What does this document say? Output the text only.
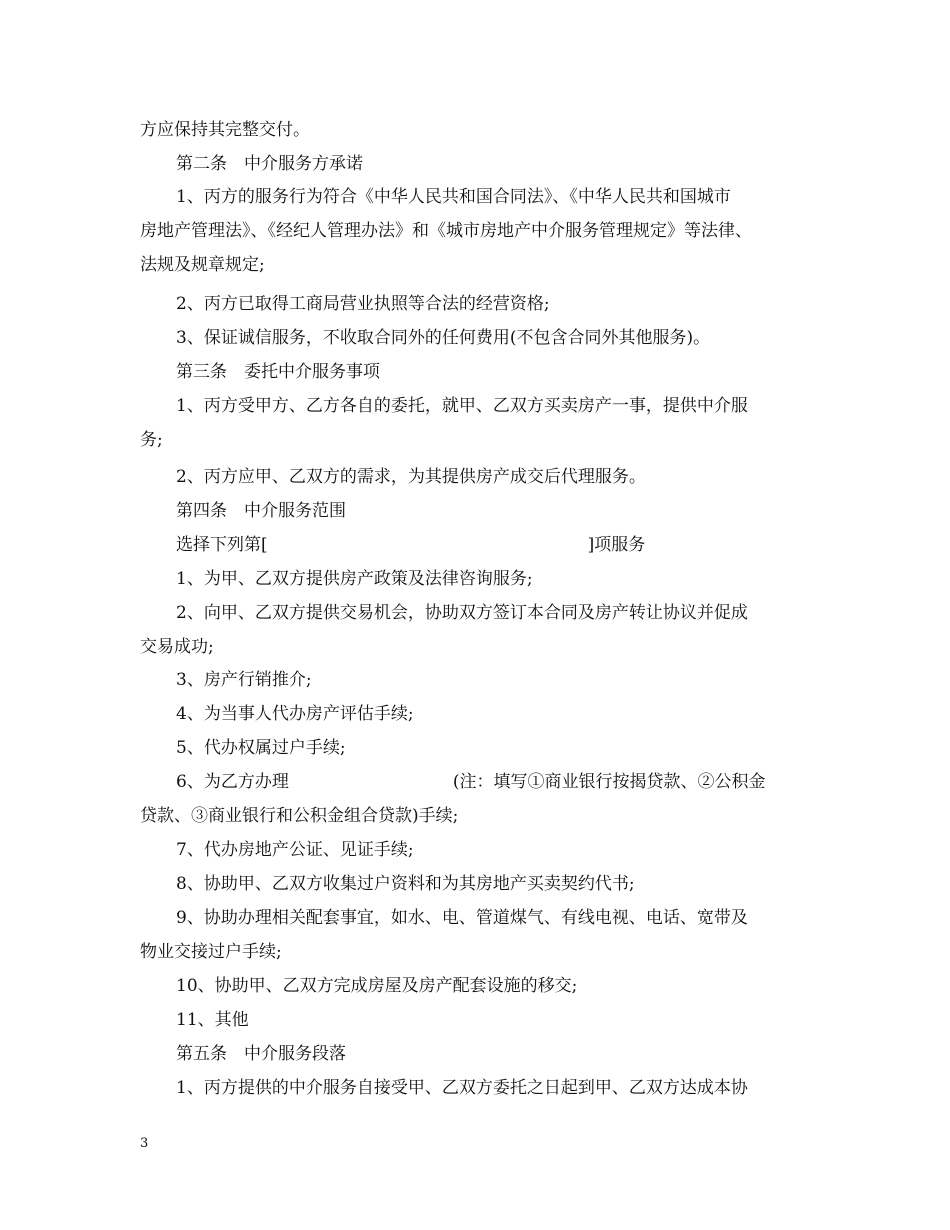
方应保持其完整交付。
第二条　中介服务方承诺
1、丙方的服务行为符合《中华人民共和国合同法》、《中华人民共和国城市
房地产管理法》、《经纪人管理办法》和《城市房地产中介服务管理规定》等法律、
法规及规章规定;
2、丙方已取得工商局营业执照等合法的经营资格;
3、保证诚信服务，不收取合同外的任何费用(不包含合同外其他服务)。
第三条　委托中介服务事项
1、丙方受甲方、乙方各自的委托，就甲、乙双方买卖房产一事，提供中介服
务;
2、丙方应甲、乙双方的需求，为其提供房产成交后代理服务。
第四条　中介服务范围
选择下列第[	]项服务
1、为甲、乙双方提供房产政策及法律咨询服务;
2、向甲、乙双方提供交易机会，协助双方签订本合同及房产转让协议并促成
交易成功;
3、房产行销推介;
4、为当事人代办房产评估手续;
5、代办权属过户手续;
6、为乙方办理	(注：填写①商业银行按揭贷款、②公积金
贷款、③商业银行和公积金组合贷款)手续;
7、代办房地产公证、见证手续;
8、协助甲、乙双方收集过户资料和为其房地产买卖契约代书;
9、协助办理相关配套事宜，如水、电、管道煤气、有线电视、电话、宽带及
物业交接过户手续;
10、协助甲、乙双方完成房屋及房产配套设施的移交;
11、其他
第五条　中介服务段落
1、丙方提供的中介服务自接受甲、乙双方委托之日起到甲、乙双方达成本协
3
